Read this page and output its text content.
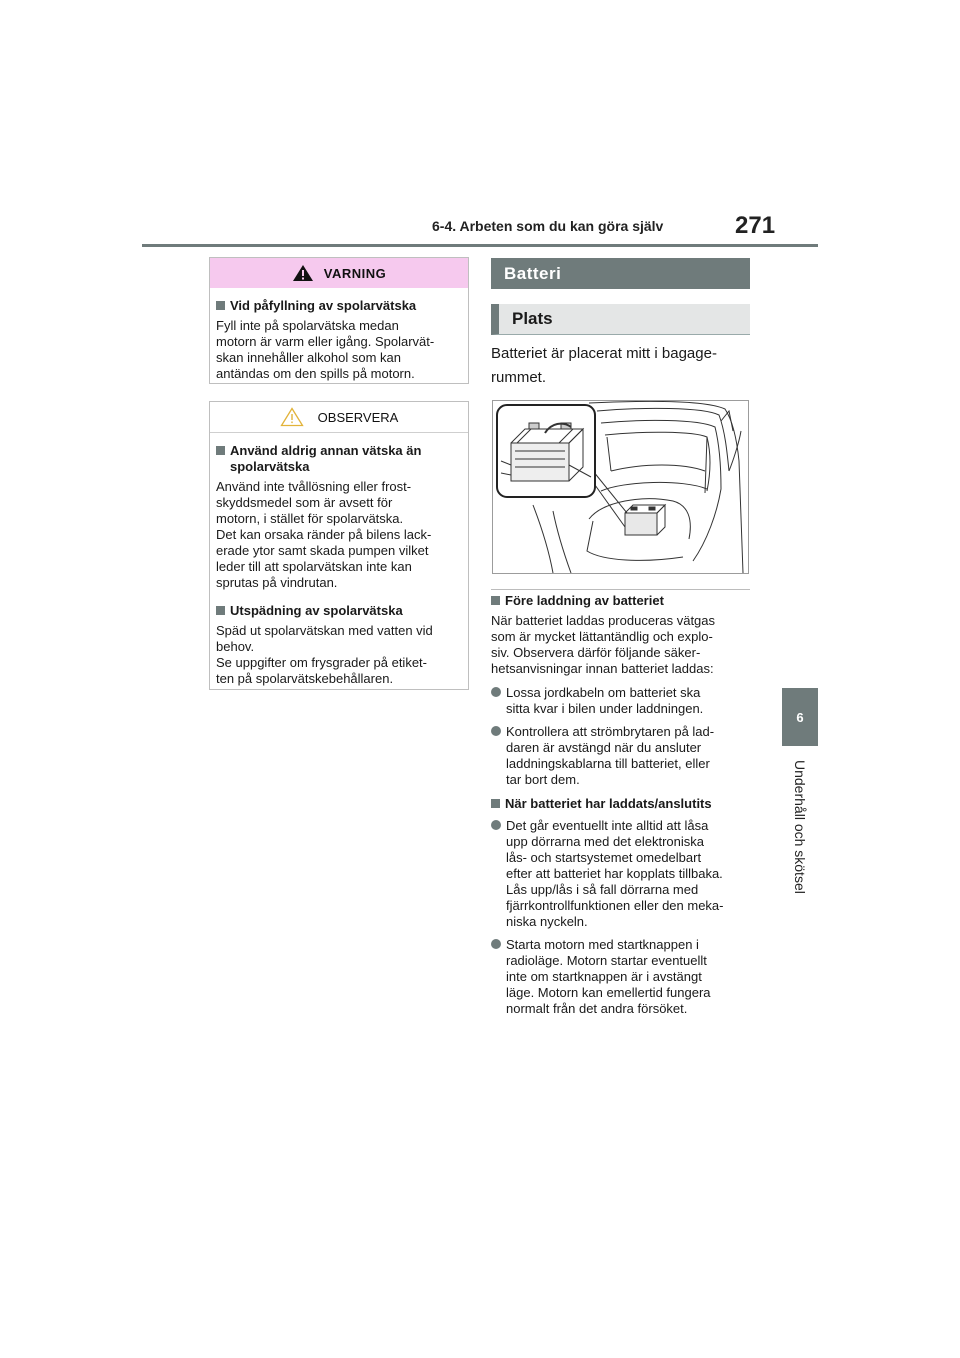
6-4. Arbeten som du kan göra själv	271
6
Underhåll och skötsel
VARNING
Vid påfyllning av spolarvätska
Fyll inte på spolarvätska medan
motorn är varm eller igång. Spolarvät-
skan innehåller alkohol som kan
antändas om den spills på motorn.
OBSERVERA
Använd aldrig annan vätska än
spolarvätska
Använd inte tvållösning eller frost-
skyddsmedel som är avsett för
motorn, i stället för spolarvätska.
Det kan orsaka ränder på bilens lack-
erade ytor samt skada pumpen vilket
leder till att spolarvätskan inte kan
sprutas på vindrutan.
Utspädning av spolarvätska
Späd ut spolarvätskan med vatten vid
behov.
Se uppgifter om frysgrader på etiket-
ten på spolarvätskebehållaren.
Batteri
Plats
Batteriet är placerat mitt i bagage-
rummet.
Före laddning av batteriet
När batteriet laddas produceras vätgas
som är mycket lättantändlig och explo-
siv. Observera därför följande säker-
hetsanvisningar innan batteriet laddas:
Lossa jordkabeln om batteriet ska
sitta kvar i bilen under laddningen.
Kontrollera att strömbrytaren på lad-
daren är avstängd när du ansluter
laddningskablarna till batteriet, eller
tar bort dem.
När batteriet har laddats/anslutits
Det går eventuellt inte alltid att låsa
upp dörrarna med det elektroniska
lås- och startsystemet omedelbart
efter att batteriet har kopplats tillbaka.
Lås upp/lås i så fall dörrarna med
fjärrkontrollfunktionen eller den meka-
niska nyckeln.
Starta motorn med startknappen i
radioläge. Motorn startar eventuellt
inte om startknappen är i avstängt
läge. Motorn kan emellertid fungera
normalt från det andra försöket.
